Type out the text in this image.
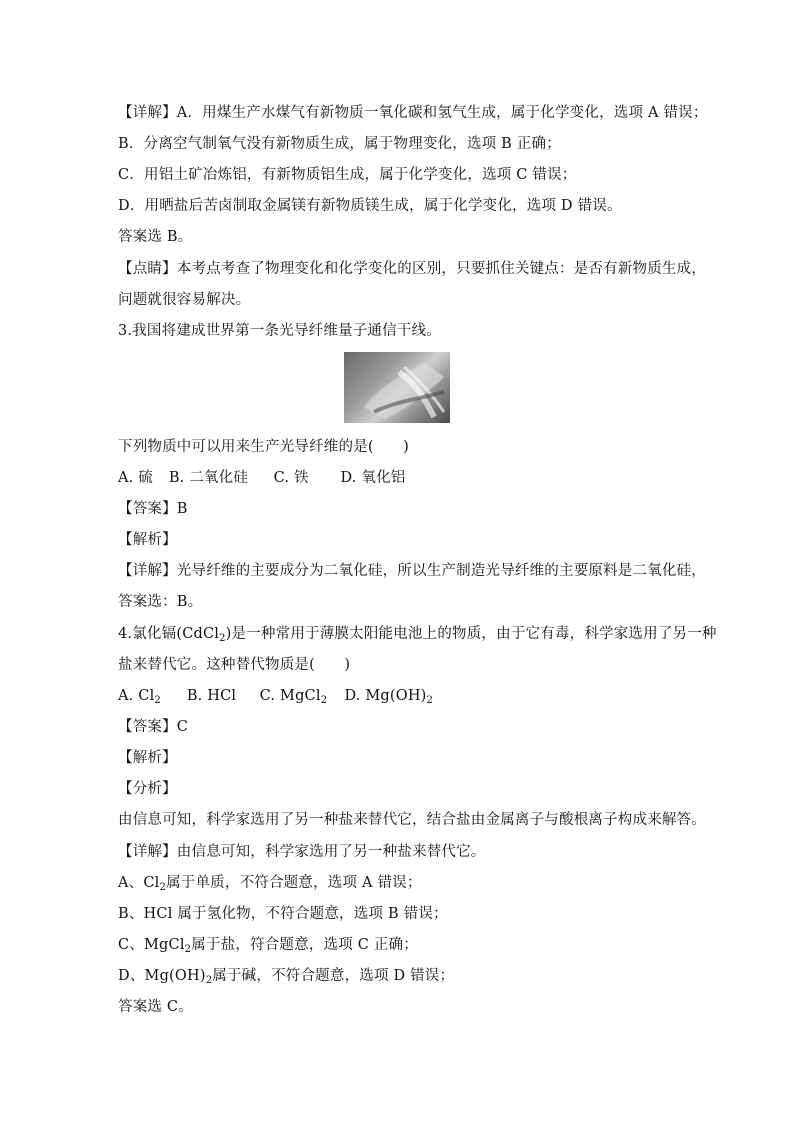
【详解】A．用煤生产水煤气有新物质一氧化碳和氢气生成，属于化学变化，选项 A 错误；
B．分离空气制氧气没有新物质生成，属于物理变化，选项 B 正确；
C．用铝土矿冶炼铝，有新物质铝生成，属于化学变化，选项 C 错误；
D．用晒盐后苦卤制取金属镁有新物质镁生成，属于化学变化，选项 D 错误。
答案选 B。
【点睛】本考点考查了物理变化和化学变化的区别，只要抓住关键点：是否有新物质生成，
问题就很容易解决。
3.我国将建成世界第一条光导纤维量子通信干线。
下列物质中可以用来生产光导纤维的是(　　)
A. 硫 B. 二氧化硅 C. 铁 D. 氧化铝
【答案】B
【解析】
【详解】光导纤维的主要成分为二氧化硅，所以生产制造光导纤维的主要原料是二氧化硅，
答案选：B。
4.氯化镉(CdCl$_2$)是一种常用于薄膜太阳能电池上的物质，由于它有毒，科学家选用了另一种
盐来替代它。这种替代物质是(　　)
A. $Cl_2$ B. HCl C. MgCl$_2$ D. $Mg(OH)_2$
【答案】C
【解析】
【分析】
由信息可知，科学家选用了另一种盐来替代它，结合盐由金属离子与酸根离子构成来解答。
【详解】由信息可知，科学家选用了另一种盐来替代它。
A、$Cl_2$属于单质，不符合题意，选项 A 错误；
B、HCl 属于氢化物，不符合题意，选项 B 错误；
C、MgCl$_2$属于盐，符合题意，选项 C 正确；
D、$Mg(OH)_2$属于碱，不符合题意，选项 D 错误；
答案选 C。
